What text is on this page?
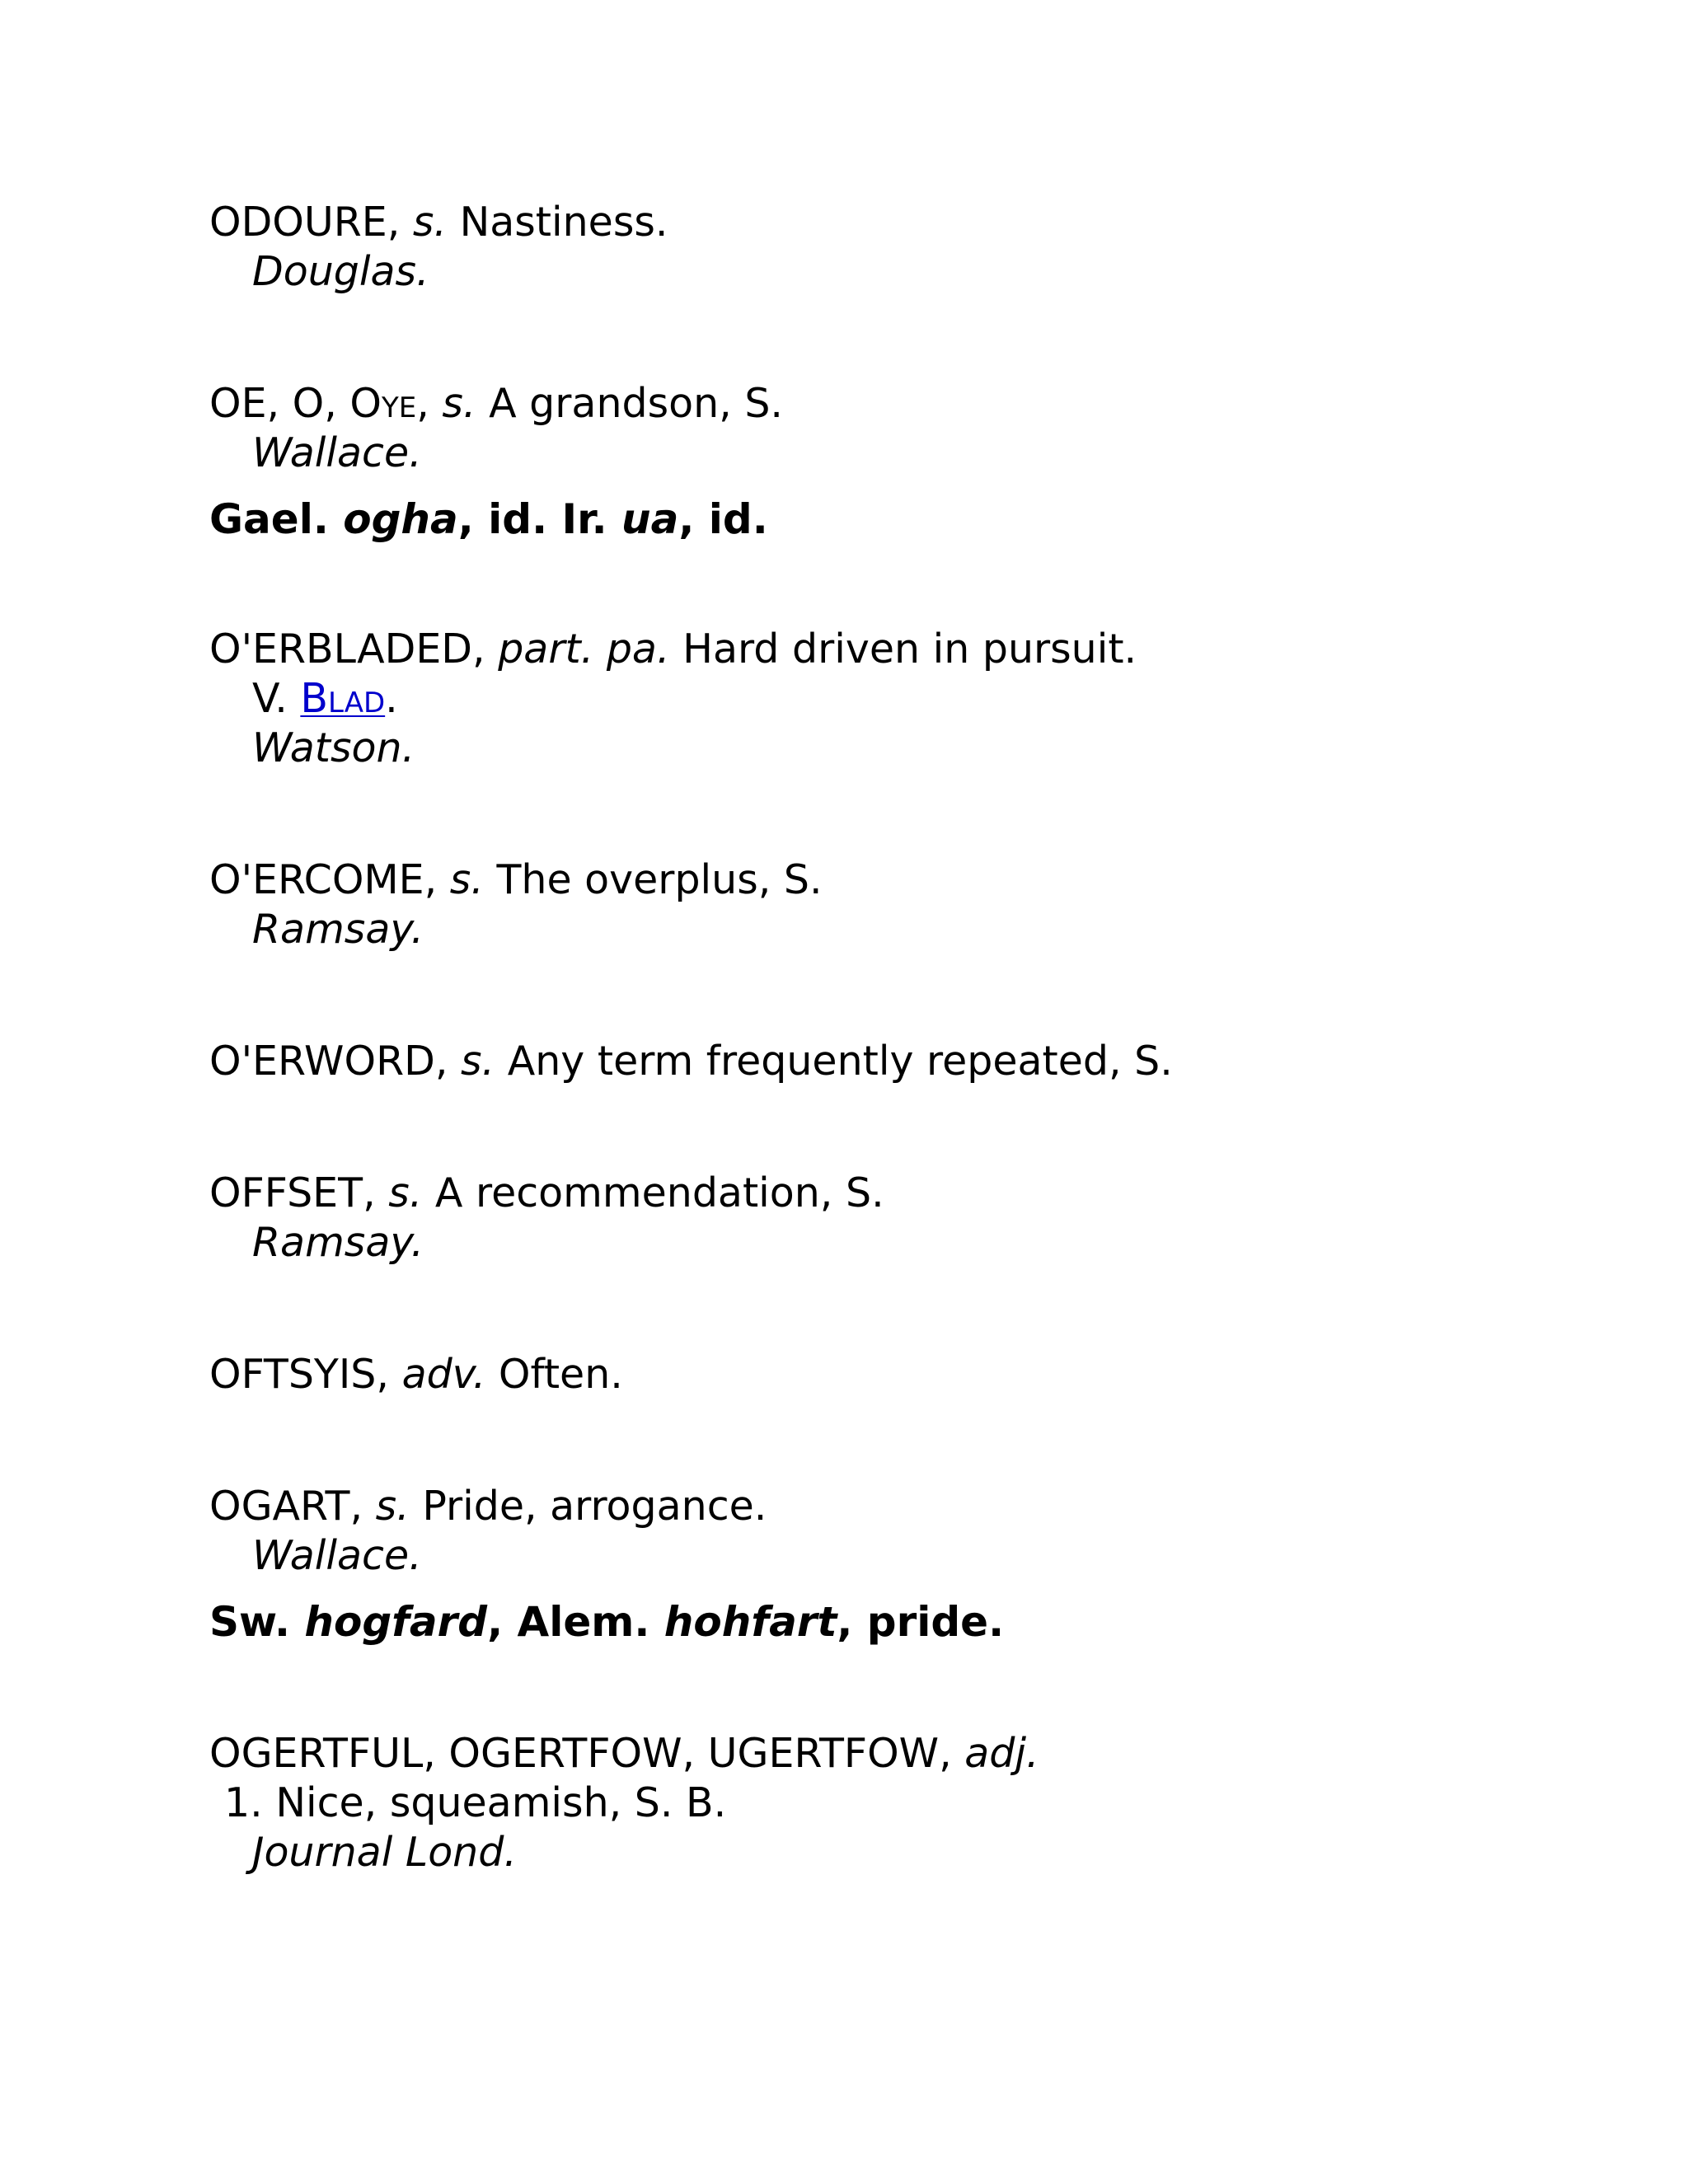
ODOURE, s. Nastiness.
Douglas.
OE, O, OYE, s. A grandson, S.
Wallace.
Gael. ogha, id. Ir. ua, id.
O'ERBLADED, part. pa. Hard driven in pursuit.
V. BLAD.
Watson.
O'ERCOME, s. The overplus, S.
Ramsay.
O'ERWORD, s. Any term frequently repeated, S.
OFFSET, s. A recommendation, S.
Ramsay.
OFTSYIS, adv. Often.
OGART, s. Pride, arrogance.
Wallace.
Sw. hogfard, Alem. hohfart, pride.
OGERTFUL, OGERTFOW, UGERTFOW, adj.
1. Nice, squeamish, S. B.
Journal Lond.
